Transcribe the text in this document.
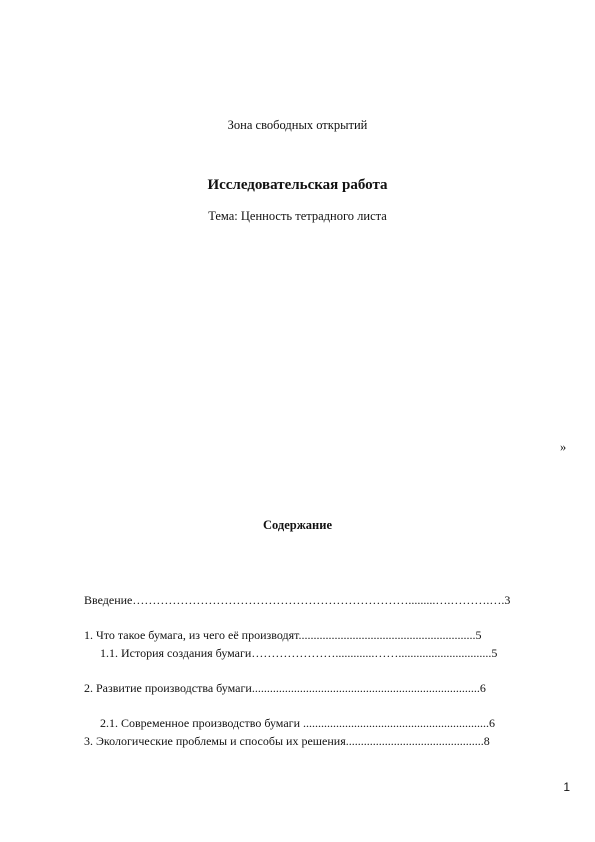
Зона свободных открытий
Исследовательская работа
Тема: Ценность тетрадного листа
»
Содержание
Введение…………………………………………………………….........….……….….3
1. Что такое бумага, из чего её производят...........................................................5
1.1. История создания бумаги………………….............……...............................5
2. Развитие производства бумаги............................................................................6
2.1. Современное производство бумаги ..............................................................6
3. Экологические проблемы и способы их решения..............................................8
1
